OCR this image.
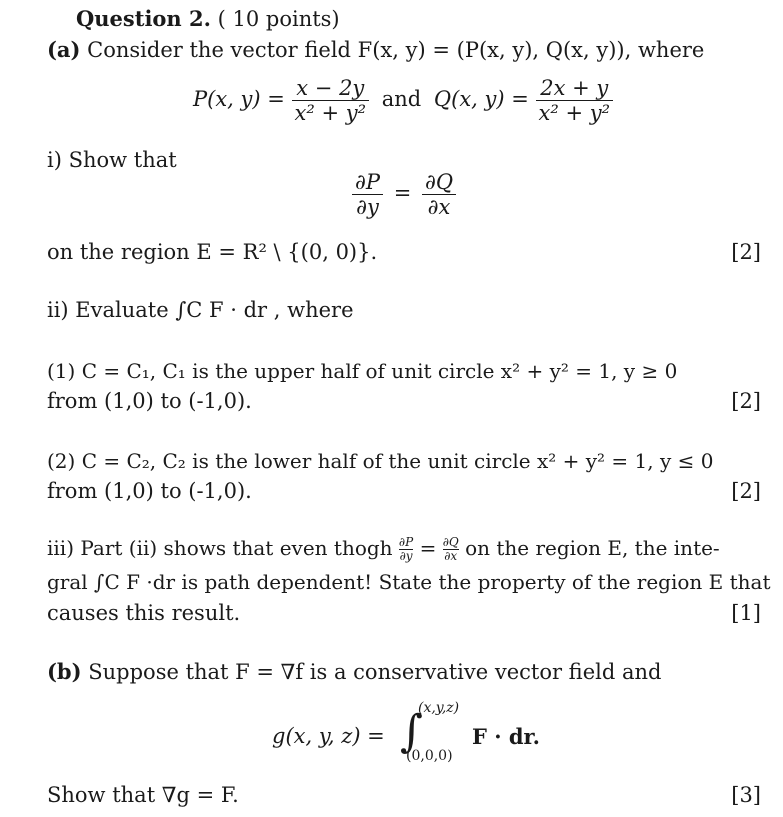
Question 2. ( 10 points)
(a) Consider the vector field F(x, y) = (P(x, y), Q(x, y)), where
P(x, $y) = \frac{x - 2y}{\text{x² + y²}}$ and Q(x, $y) = \frac{2x + y}{\text{x² + y²}}$
i) Show that
$\frac{\partial P}{\partial y} = \frac{\partial Q}{\partial x}$
on the region E = R² \ {(0, 0)}.	[2]
ii) Evaluate ∫C F · dr , where
(1) C = C₁, C₁ is the upper half of unit circle x² + y² = 1, y ≥ 0
from (1,0) to (-1,0).	[2]
(2) C = C₂, C₂ is the lower half of the unit circle x² + y² = 1, y ≤ 0
from (1,0) to (-1,0).	[2]
iii) Part (ii) shows that even thogh $\frac{\partial P}{\partial y} = \frac{\partial Q}{\partial x}$ on the region E, the inte-
gral ∫C F ·dr is path dependent! State the property of the region E that
causes this result.	[1]
(b) Suppose that F = ∇f is a conservative vector field and
g(x, y, z) = ∫
(x,y,z)
(0,0,0)
F · dr.
Show that ∇g = F.	[3]
